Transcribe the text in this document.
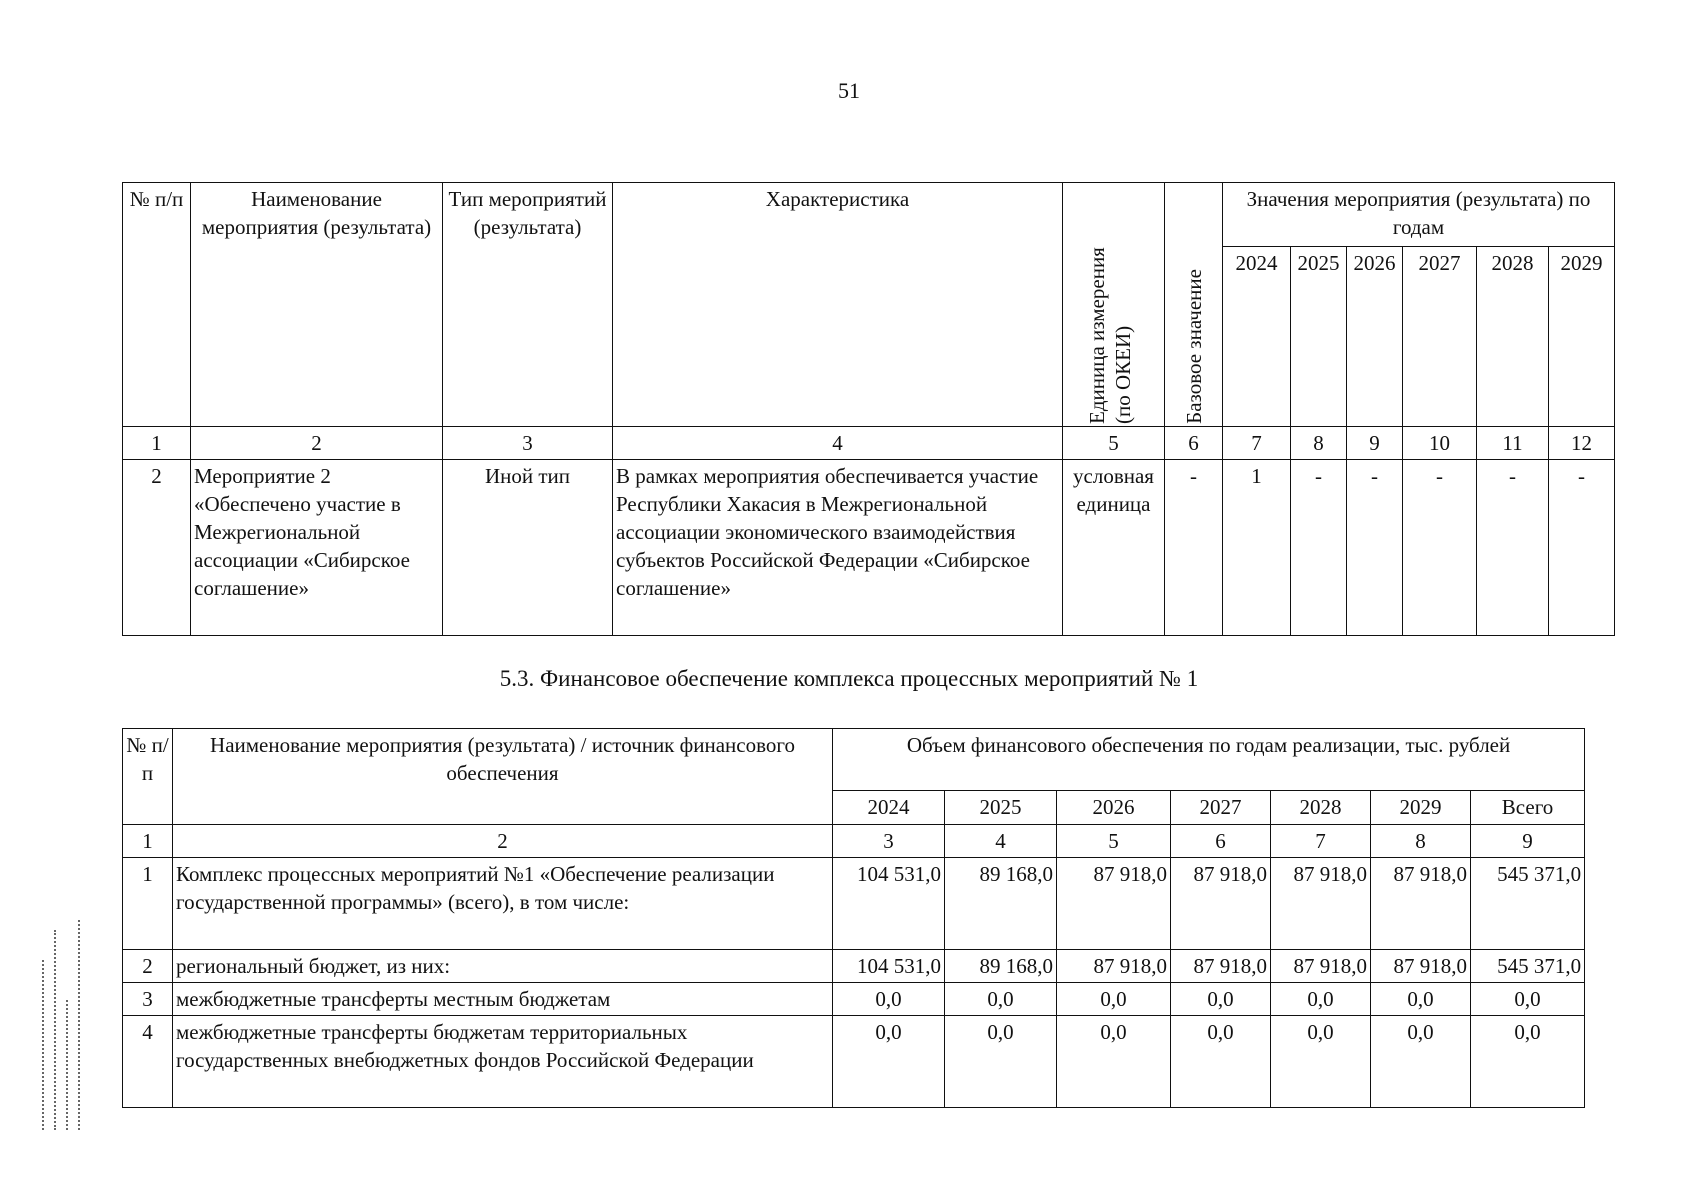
51
№ п/п	Наименование мероприятия (результата)	Тип мероприятий (результата)	Характеристика	Единица измерения (по ОКЕИ)	Базовое значение	Значения мероприятия (результата) по годам					
						2024	2025	2026	2027	2028	2029
1	2	3	4	5	6	7	8	9	10	11	12
2	Мероприятие 2 «Обеспечено участие в Межрегиональной ассоциации «Сибирское соглашение»	Иной тип	В рамках мероприятия обеспечивается участие Республики Хакасия в Межрегиональной ассоциации экономического взаимодействия субъектов Российской Федерации «Сибирское соглашение»	условная единица	-	1	-	-	-	-	-
5.3. Финансовое обеспечение комплекса процессных мероприятий № 1
№ п/п	Наименование мероприятия (результата) / источник финансового обеспечения	Объем финансового обеспечения по годам реализации, тыс. рублей						
		2024	2025	2026	2027	2028	2029	Всего
1	2	3	4	5	6	7	8	9
1	Комплекс процессных мероприятий №1 «Обеспечение реализации государственной программы» (всего), в том числе:	104 531,0	89 168,0	87 918,0	87 918,0	87 918,0	87 918,0	545 371,0
2	региональный бюджет, из них:	104 531,0	89 168,0	87 918,0	87 918,0	87 918,0	87 918,0	545 371,0
3	межбюджетные трансферты местным бюджетам	0,0	0,0	0,0	0,0	0,0	0,0	0,0
4	межбюджетные трансферты бюджетам территориальных государственных внебюджетных фондов Российской Федерации	0,0	0,0	0,0	0,0	0,0	0,0	0,0
